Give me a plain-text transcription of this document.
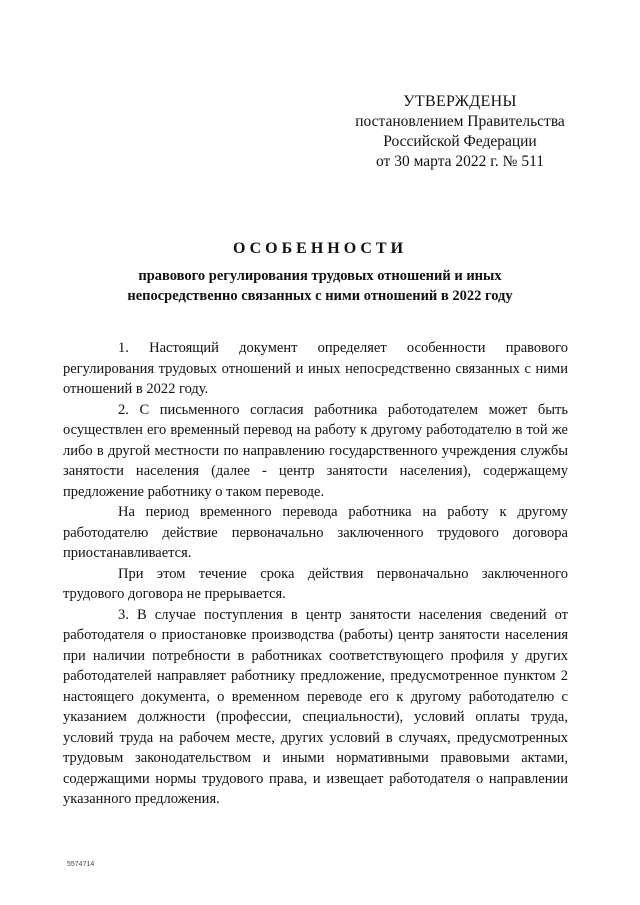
УТВЕРЖДЕНЫ
постановлением Правительства
Российской Федерации
от 30 марта 2022 г. № 511
ОСОБЕННОСТИ
правового регулирования трудовых отношений и иных
непосредственно связанных с ними отношений в 2022 году

1. Настоящий документ определяет особенности правового регулирования трудовых отношений и иных непосредственно связанных с ними отношений в 2022 году.

2. С письменного согласия работника работодателем может быть осуществлен его временный перевод на работу к другому работодателю в той же либо в другой местности по направлению государственного учреждения службы занятости населения (далее - центр занятости населения), содержащему предложение работнику о таком переводе.

На период временного перевода работника на работу к другому работодателю действие первоначально заключенного трудового договора приостанавливается.

При этом течение срока действия первоначально заключенного трудового договора не прерывается.

3. В случае поступления в центр занятости населения сведений от работодателя о приостановке производства (работы) центр занятости населения при наличии потребности в работниках соответствующего профиля у других работодателей направляет работнику предложение, предусмотренное пунктом 2 настоящего документа, о временном переводе его к другому работодателю с указанием должности (профессии, специальности), условий оплаты труда, условий труда на рабочем месте, других условий в случаях, предусмотренных трудовым законодательством и иными нормативными правовыми актами, содержащими нормы трудового права, и извещает работодателя о направлении указанного предложения.

5574714
